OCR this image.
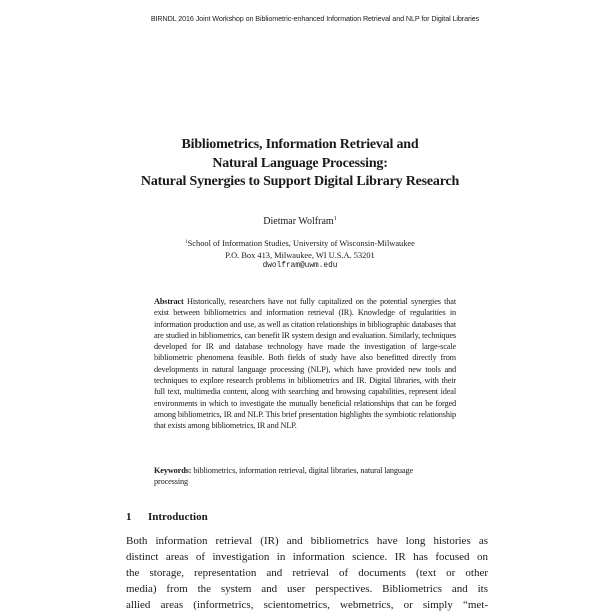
BIRNDL 2016 Joint Workshop on Bibliometric-enhanced Information Retrieval and NLP for Digital Libraries
Bibliometrics, Information Retrieval and
Natural Language Processing:
Natural Synergies to Support Digital Library Research
Dietmar Wolfram$^1$
$^1$School of Information Studies, University of Wisconsin-Milwaukee
P.O. Box 413, Milwaukee, WI U.S.A. 53201
dwolfram@uwm.edu
Abstract Historically, researchers have not fully capitalized on the potential synergies that exist between bibliometrics and information retrieval (IR). Knowledge of regularities in information production and use, as well as citation relationships in bibliographic databases that are studied in bibliometrics, can benefit IR system design and evaluation. Similarly, techniques developed for IR and database technology have made the investigation of large-scale bibliometric phenomena feasible. Both fields of study have also benefitted directly from developments in natural language processing (NLP), which have provided new tools and techniques to explore research problems in bibliometrics and IR. Digital libraries, with their full text, multimedia content, along with searching and browsing capabilities, represent ideal environments in which to investigate the mutually beneficial relationships that can be forged among bibliometrics, IR and NLP. This brief presentation highlights the symbiotic relationship that exists among bibliometrics, IR and NLP.
Keywords: bibliometrics, information retrieval, digital libraries, natural language processing
1 Introduction
Both information retrieval (IR) and bibliometrics have long histories as
distinct areas of investigation in information science. IR has focused on
the storage, representation and retrieval of documents (text or other
media) from the system and user perspectives. Bibliometrics and its
allied areas (informetrics, scientometrics, webmetrics, or simply “met-
